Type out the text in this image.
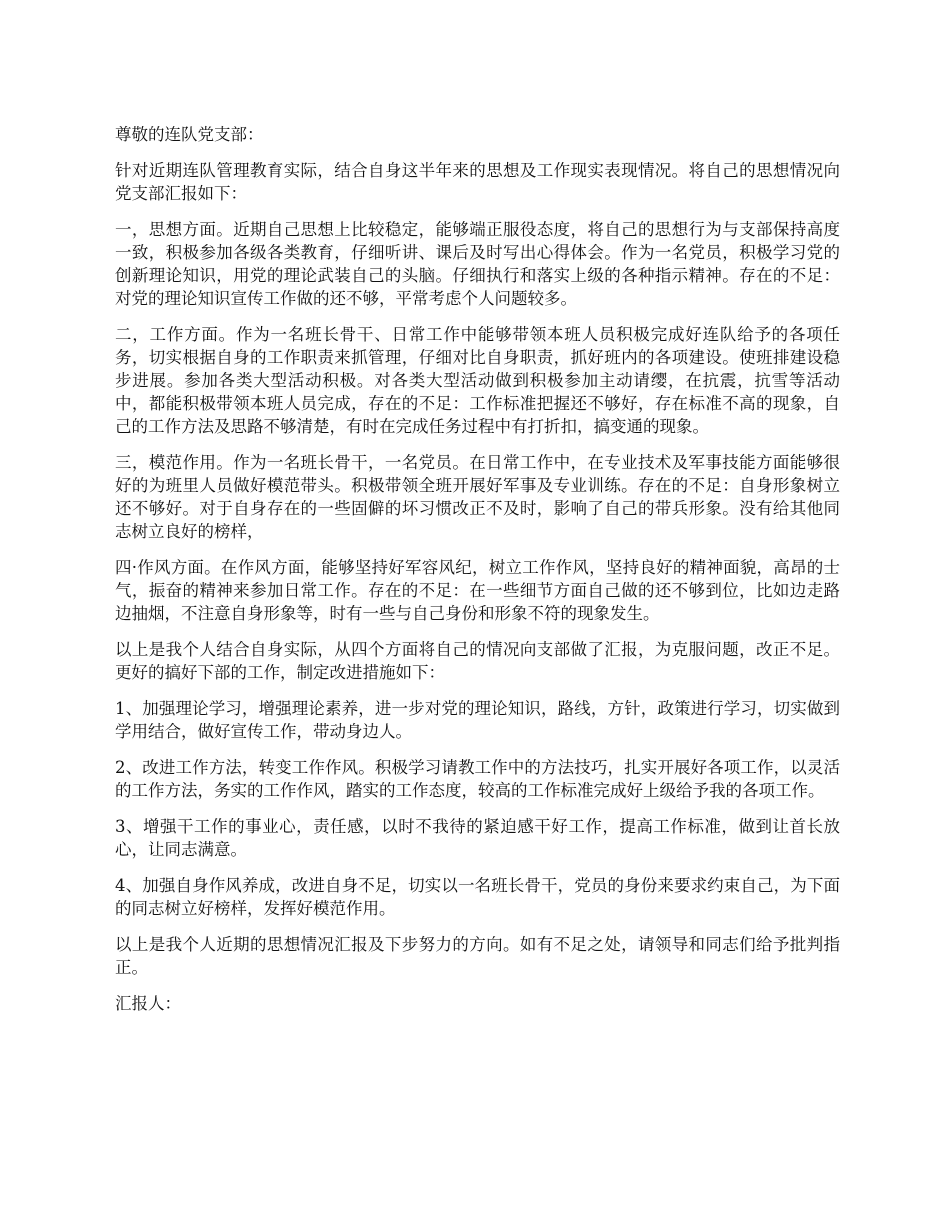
尊敬的连队党支部：

针对近期连队管理教育实际，结合自身这半年来的思想及工作现实表现情况。将自己的思想情况向党支部汇报如下：

一，思想方面。近期自己思想上比较稳定，能够端正服役态度，将自己的思想行为与支部保持高度一致，积极参加各级各类教育，仔细听讲、课后及时写出心得体会。作为一名党员，积极学习党的创新理论知识，用党的理论武装自己的头脑。仔细执行和落实上级的各种指示精神。存在的不足：对党的理论知识宣传工作做的还不够，平常考虑个人问题较多。

二，工作方面。作为一名班长骨干、日常工作中能够带领本班人员积极完成好连队给予的各项任务，切实根据自身的工作职责来抓管理，仔细对比自身职责，抓好班内的各项建设。使班排建设稳步进展。参加各类大型活动积极。对各类大型活动做到积极参加主动请缨，在抗震，抗雪等活动中，都能积极带领本班人员完成，存在的不足：工作标准把握还不够好，存在标准不高的现象，自己的工作方法及思路不够清楚，有时在完成任务过程中有打折扣，搞变通的现象。

三，模范作用。作为一名班长骨干，一名党员。在日常工作中，在专业技术及军事技能方面能够很好的为班里人员做好模范带头。积极带领全班开展好军事及专业训练。存在的不足：自身形象树立还不够好。对于自身存在的一些固僻的坏习惯改正不及时，影响了自己的带兵形象。没有给其他同志树立良好的榜样，

四·作风方面。在作风方面，能够坚持好军容风纪，树立工作作风，坚持良好的精神面貌，高昂的士气，振奋的精神来参加日常工作。存在的不足：在一些细节方面自己做的还不够到位，比如边走路边抽烟，不注意自身形象等，时有一些与自己身份和形象不符的现象发生。

以上是我个人结合自身实际，从四个方面将自己的情况向支部做了汇报，为克服问题，改正不足。更好的搞好下部的工作，制定改进措施如下：

1、加强理论学习，增强理论素养，进一步对党的理论知识，路线，方针，政策进行学习，切实做到学用结合，做好宣传工作，带动身边人。

2、改进工作方法，转变工作作风。积极学习请教工作中的方法技巧，扎实开展好各项工作，以灵活的工作方法，务实的工作作风，踏实的工作态度，较高的工作标准完成好上级给予我的各项工作。

3、增强干工作的事业心，责任感，以时不我待的紧迫感干好工作，提高工作标准，做到让首长放心，让同志满意。

4、加强自身作风养成，改进自身不足，切实以一名班长骨干，党员的身份来要求约束自己，为下面的同志树立好榜样，发挥好模范作用。

以上是我个人近期的思想情况汇报及下步努力的方向。如有不足之处，请领导和同志们给予批判指正。

汇报人：
